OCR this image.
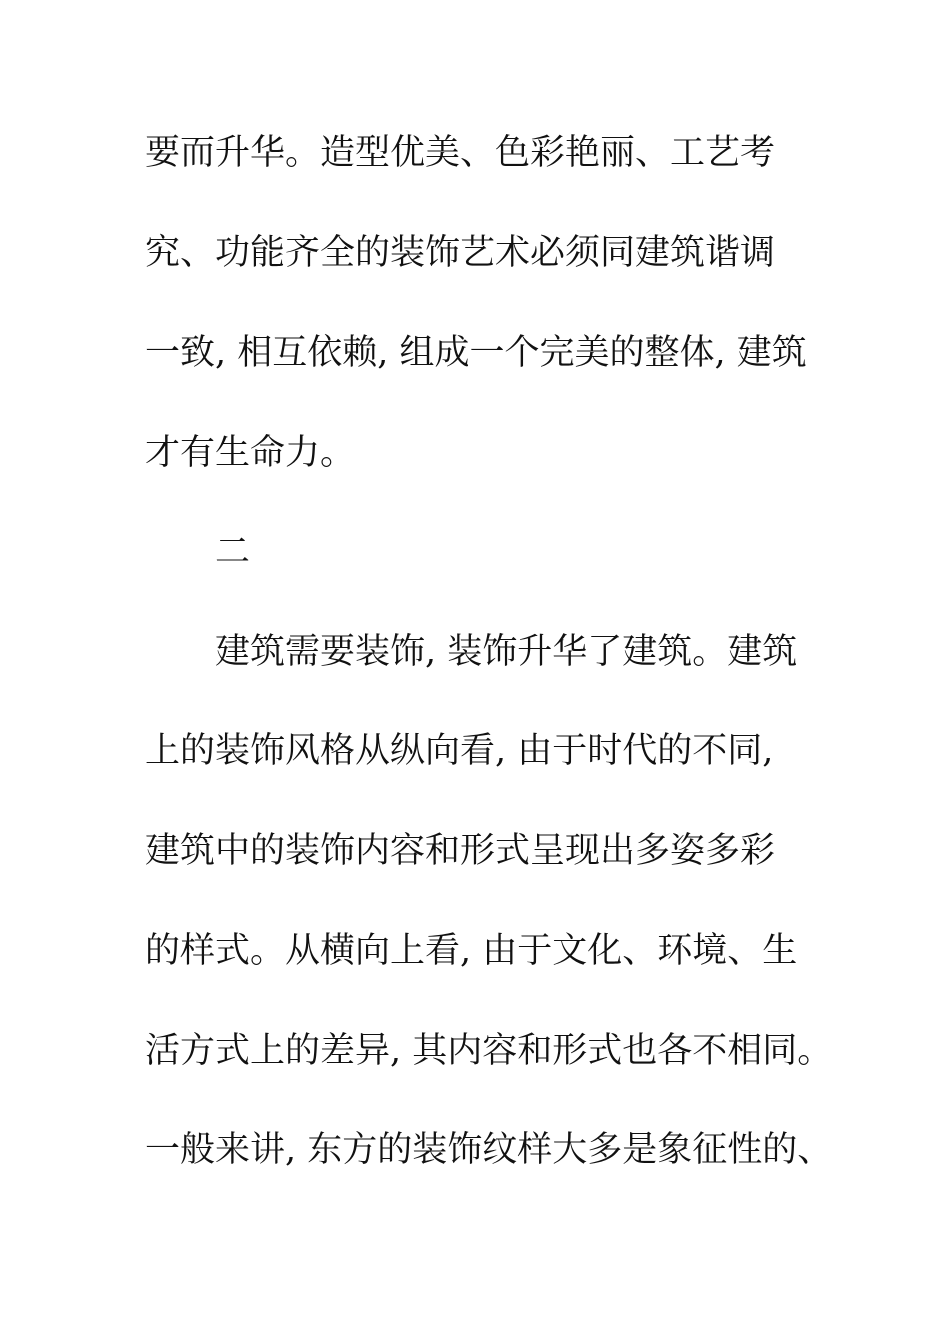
要而升华。造型优美、色彩艳丽、工艺考

究、功能齐全的装饰艺术必须同建筑谐调

一致, 相互依赖, 组成一个完美的整体, 建筑

才有生命力。

二

建筑需要装饰, 装饰升华了建筑。建筑

上的装饰风格从纵向看, 由于时代的不同,

建筑中的装饰内容和形式呈现出多姿多彩

的样式。从横向上看, 由于文化、环境、生

活方式上的差异, 其内容和形式也各不相同。

一般来讲, 东方的装饰纹样大多是象征性的、
